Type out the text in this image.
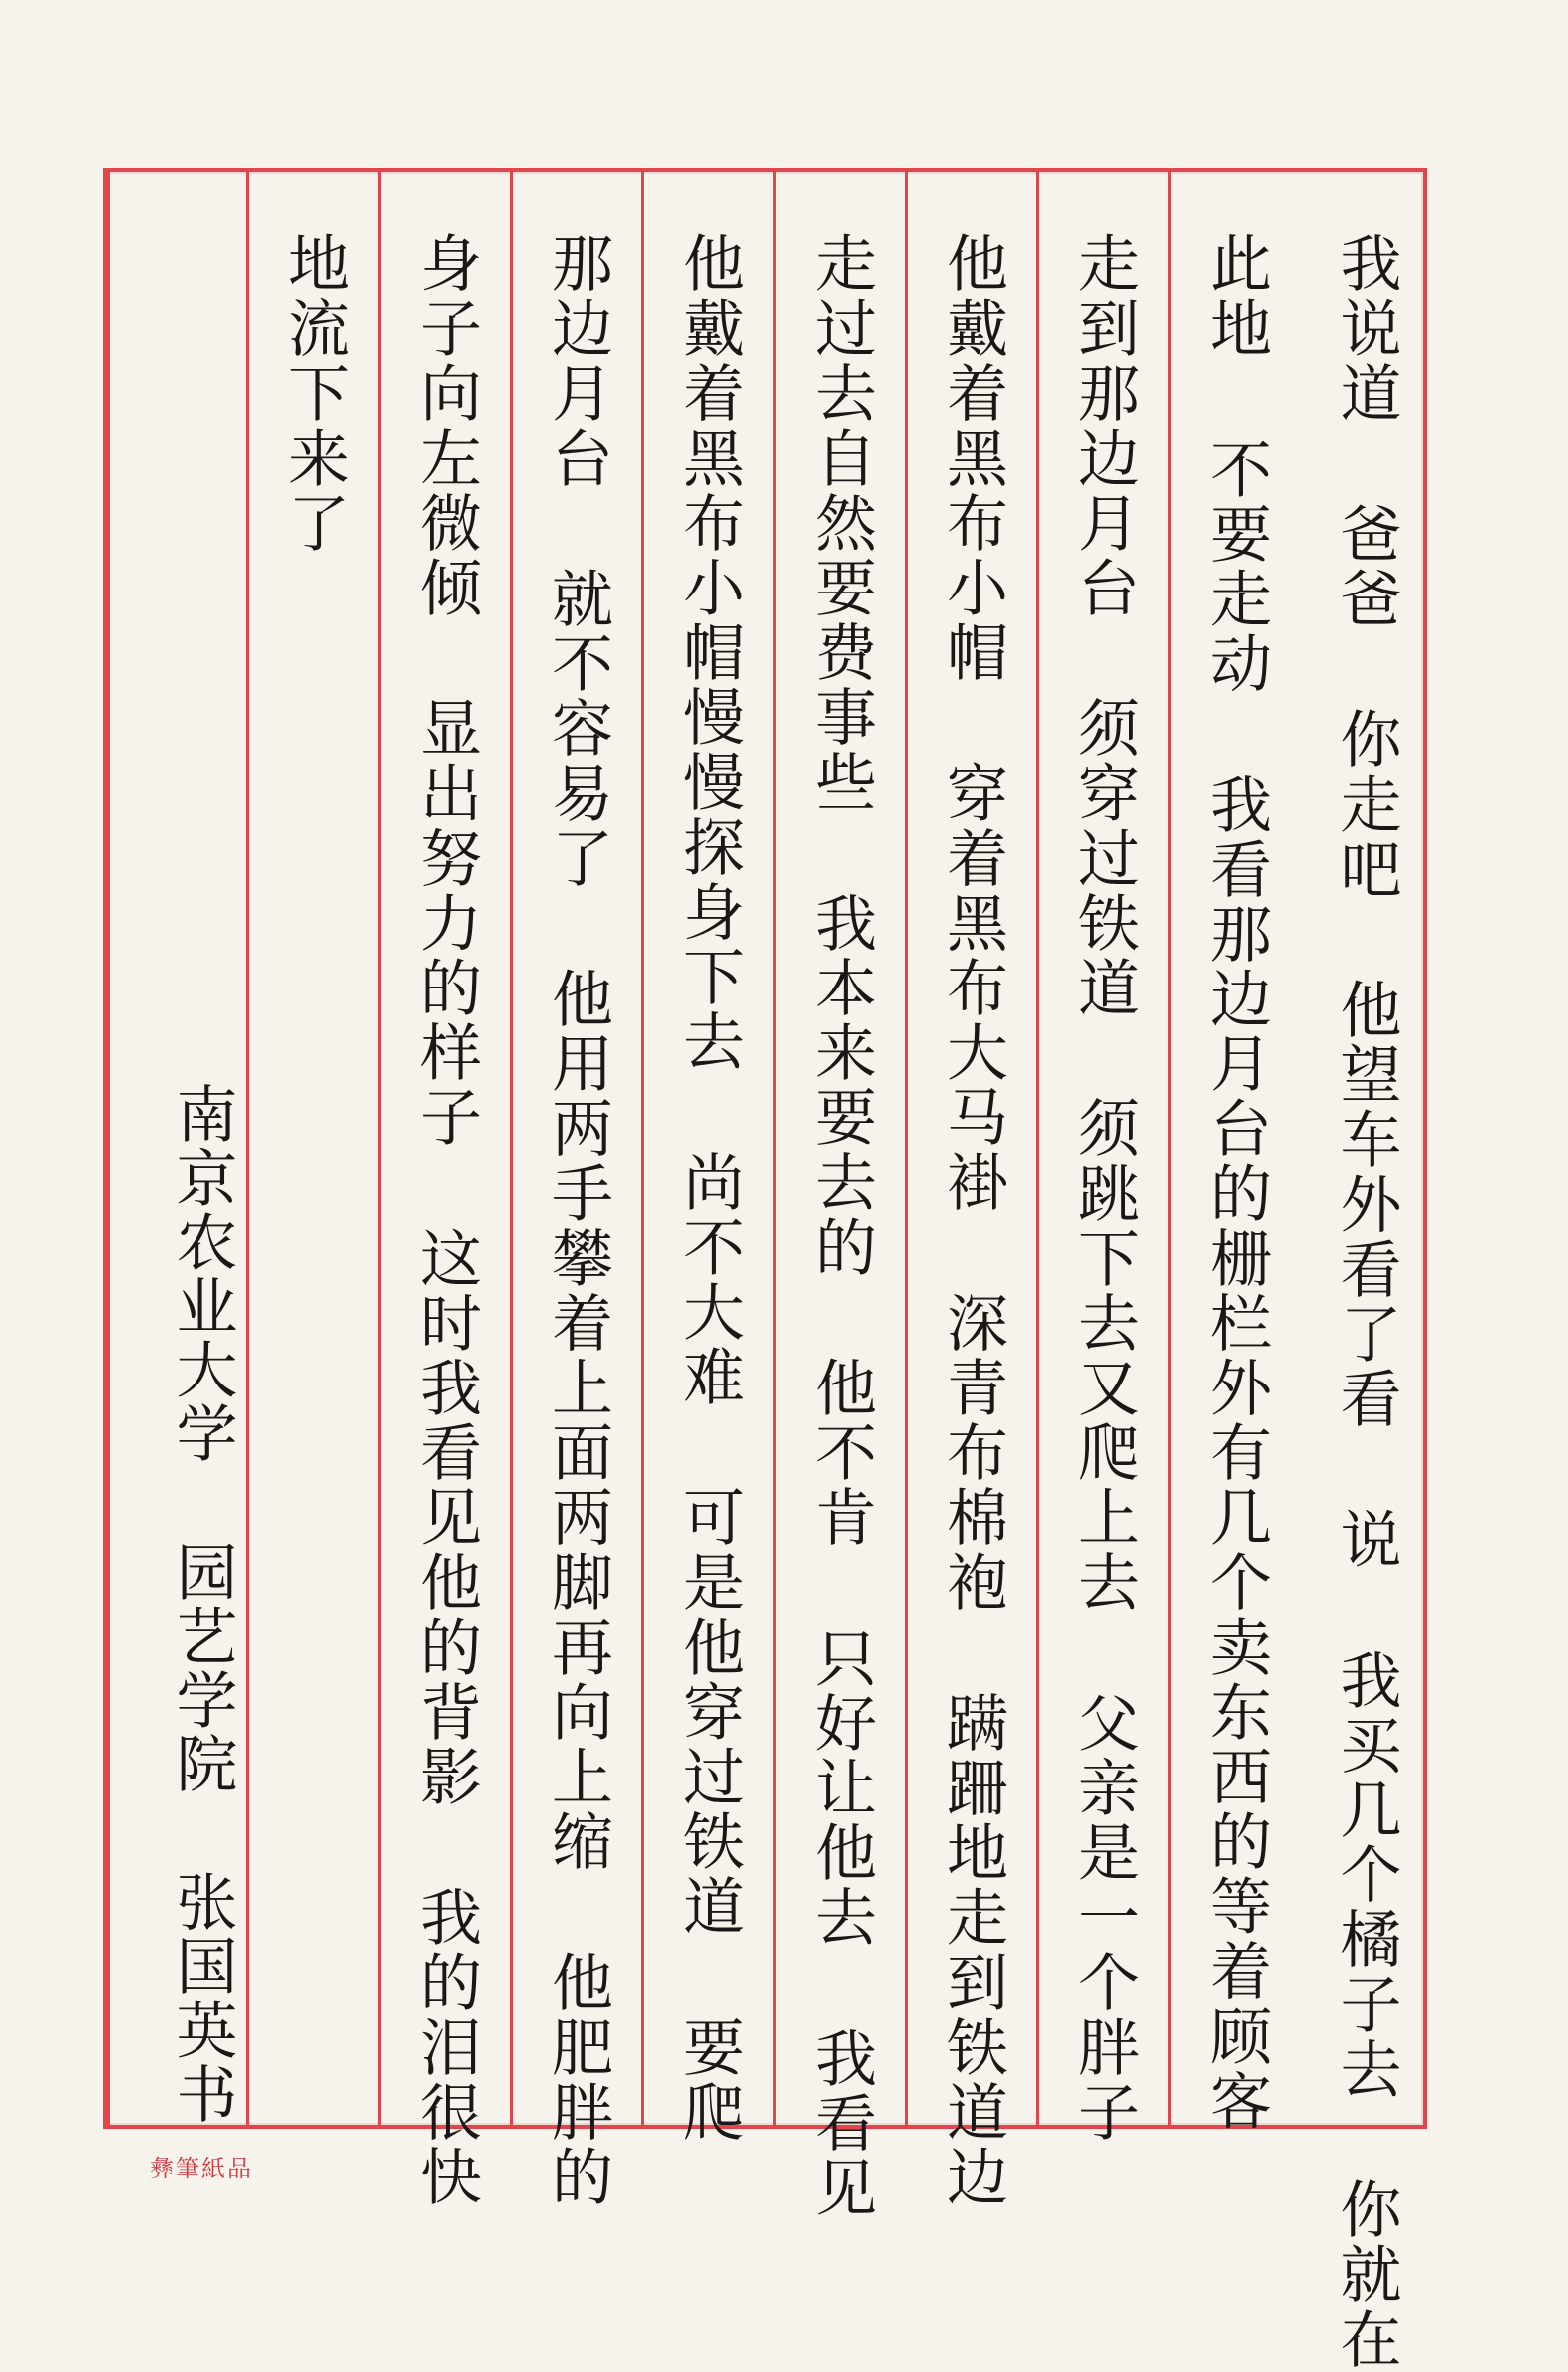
我说道 爸爸 你走吧 他望车外看了看 说 我买几个橘子去 你就在
此地 不要走动 我看那边月台的栅栏外有几个卖东西的等着顾客
走到那边月台 须穿过铁道 须跳下去又爬上去 父亲是一个胖子
他戴着黑布小帽 穿着黑布大马褂 深青布棉袍 蹒跚地走到铁道边
走过去自然要费事些 我本来要去的 他不肯 只好让他去 我看见
他戴着黑布小帽慢慢探身下去 尚不大难 可是他穿过铁道 要爬
那边月台 就不容易了 他用两手攀着上面两脚再向上缩 他肥胖的
身子向左微倾 显出努力的样子 这时我看见他的背影 我的泪很快
地流下来了
南京农业大学 园艺学院 张国英书
彝筆紙品
